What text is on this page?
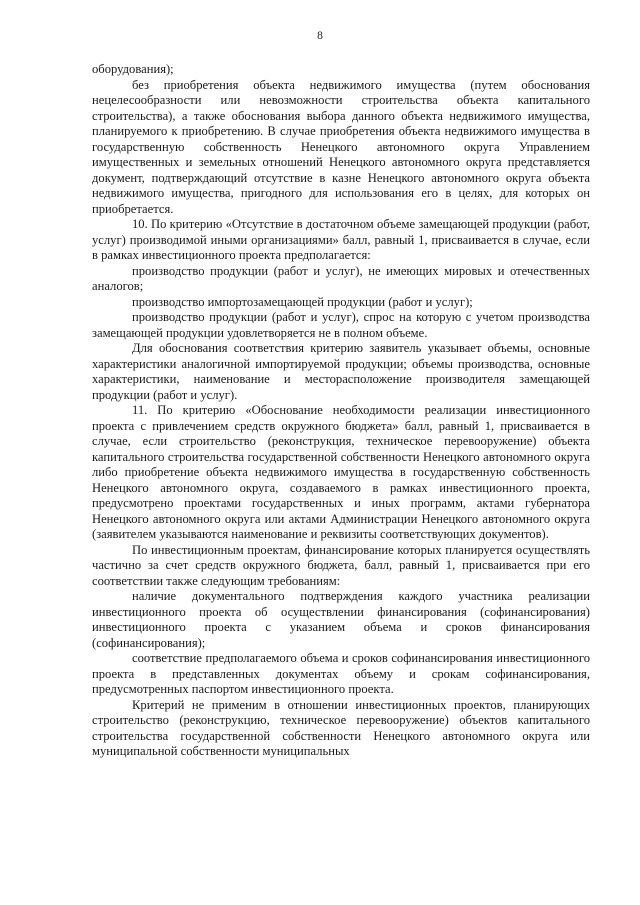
8

оборудования);

без приобретения объекта недвижимого имущества (путем обоснования нецелесообразности или невозможности строительства объекта капитального строительства), а также обоснования выбора данного объекта недвижимого имущества, планируемого к приобретению. В случае приобретения объекта недвижимого имущества в государственную собственность Ненецкого автономного округа Управлением имущественных и земельных отношений Ненецкого автономного округа представляется документ, подтверждающий отсутствие в казне Ненецкого автономного округа объекта недвижимого имущества, пригодного для использования его в целях, для которых он приобретается.

10. По критерию «Отсутствие в достаточном объеме замещающей продукции (работ, услуг) производимой иными организациями» балл, равный 1, присваивается в случае, если в рамках инвестиционного проекта предполагается:

производство продукции (работ и услуг), не имеющих мировых и отечественных аналогов;

производство импортозамещающей продукции (работ и услуг);

производство продукции (работ и услуг), спрос на которую с учетом производства замещающей продукции удовлетворяется не в полном объеме.

Для обоснования соответствия критерию заявитель указывает объемы, основные характеристики аналогичной импортируемой продукции; объемы производства, основные характеристики, наименование и месторасположение производителя замещающей продукции (работ и услуг).

11. По критерию «Обоснование необходимости реализации инвестиционного проекта с привлечением средств окружного бюджета» балл, равный 1, присваивается в случае, если строительство (реконструкция, техническое перевооружение) объекта капитального строительства государственной собственности Ненецкого автономного округа либо приобретение объекта недвижимого имущества в государственную собственность Ненецкого автономного округа, создаваемого в рамках инвестиционного проекта, предусмотрено проектами государственных и иных программ, актами губернатора Ненецкого автономного округа или актами Администрации Ненецкого автономного округа (заявителем указываются наименование и реквизиты соответствующих документов).

По инвестиционным проектам, финансирование которых планируется осуществлять частично за счет средств окружного бюджета, балл, равный 1, присваивается при его соответствии также следующим требованиям:

наличие документального подтверждения каждого участника реализации инвестиционного проекта об осуществлении финансирования (софинансирования) инвестиционного проекта с указанием объема и сроков финансирования (софинансирования);

соответствие предполагаемого объема и сроков софинансирования инвестиционного проекта в представленных документах объему и срокам софинансирования, предусмотренных паспортом инвестиционного проекта.

Критерий не применим в отношении инвестиционных проектов, планирующих строительство (реконструкцию, техническое перевооружение) объектов капитального строительства государственной собственности Ненецкого автономного округа или муниципальной собственности муниципальных
